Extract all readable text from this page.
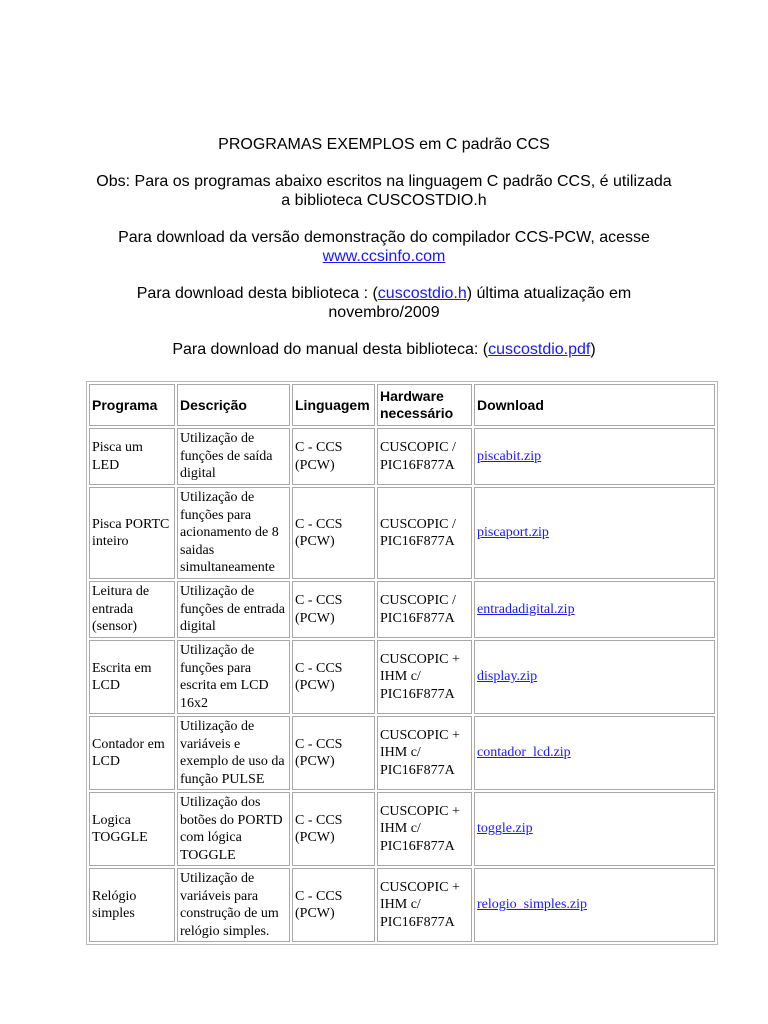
PROGRAMAS EXEMPLOS em C padrão CCS

Obs: Para os programas abaixo escritos na linguagem C padrão CCS, é utilizada a biblioteca CUSCOSTDIO.h

Para download da versão demonstração do compilador CCS-PCW, acesse www.ccsinfo.com

Para download desta biblioteca : (cuscostdio.h) última atualização em novembro/2009

Para download do manual desta biblioteca: (cuscostdio.pdf)

Programa	Descrição	Linguagem	Hardware necessário	Download
Pisca um LED	Utilização de funções de saída digital	C - CCS (PCW)	CUSCOPIC / PIC16F877A	piscabit.zip
Pisca PORTC inteiro	Utilização de funções para acionamento de 8 saidas simultaneamente	C - CCS (PCW)	CUSCOPIC / PIC16F877A	piscaport.zip
Leitura de entrada (sensor)	Utilização de funções de entrada digital	C - CCS (PCW)	CUSCOPIC / PIC16F877A	entradadigital.zip
Escrita em LCD	Utilização de funções para escrita em LCD 16x2	C - CCS (PCW)	CUSCOPIC + IHM c/ PIC16F877A	display.zip
Contador em LCD	Utilização de variáveis e exemplo de uso da função PULSE	C - CCS (PCW)	CUSCOPIC + IHM c/ PIC16F877A	contador_lcd.zip
Logica TOGGLE	Utilização dos botões do PORTD com lógica TOGGLE	C - CCS (PCW)	CUSCOPIC + IHM c/ PIC16F877A	toggle.zip
Relógio simples	Utilização de variáveis para construção de um relógio simples.	C - CCS (PCW)	CUSCOPIC + IHM c/ PIC16F877A	relogio_simples.zip
